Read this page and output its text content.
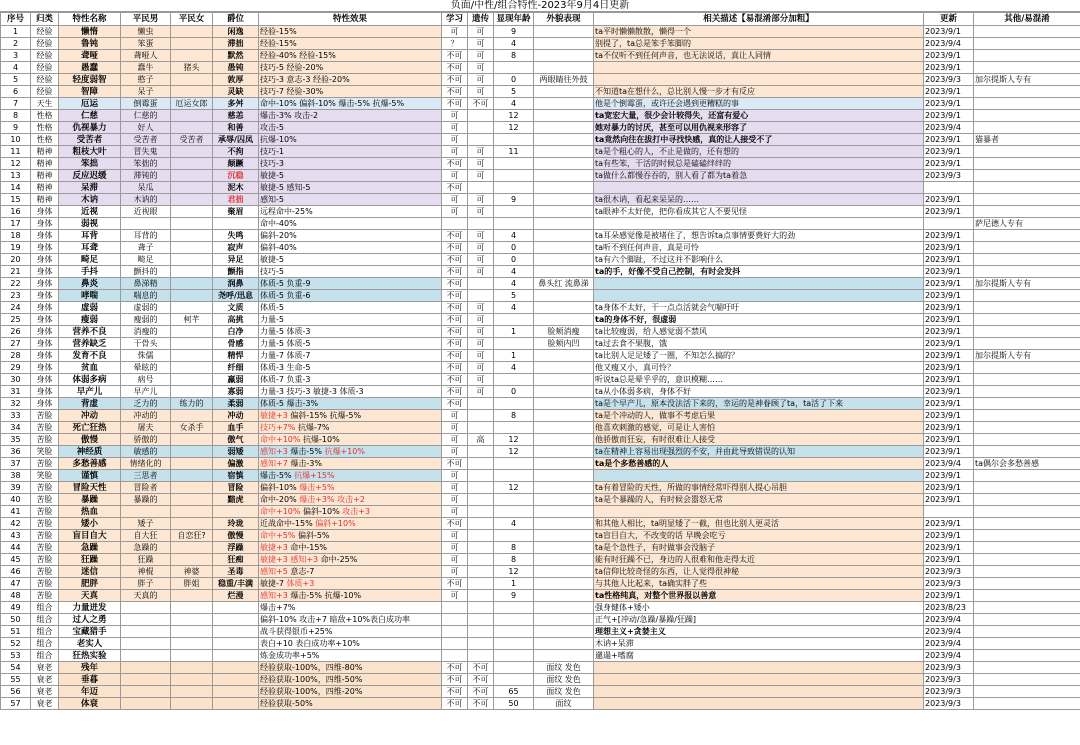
负面/中性/组合特性-2023年9月4日更新
序号	归类	特性名称	平民男	平民女	爵位	特性效果	学习	遗传	显现年龄	外貌表现	相关描述【易混淆部分加粗】	更新	其他/易混淆
1	经验	懒惰	懒虫		闲逸	经验-15%	可	可	9		ta平时懒懒散散，懒得一个	2023/9/1	
2	经验	鲁钝	笨蛋		滞拙	经验-15%	？	可	4		别提了，ta总是笨手笨脚的	2023/9/4	
3	经验	聋哑	聋哑人		默然	经验-40% 经验-15%	不可	可	8		ta不仅听不到任何声音，也无法说话，真让人同情	2023/9/1	
4	经验	愚蠢	蠢牛	猪头	愚钝	技巧-5 经验-20%	不可	可				2023/9/1	
5	经验	轻度弱智	憨子		敦厚	技巧-3 意志-3 经验-20%	不可	可	0	两眼睛往外鼓		2023/9/3	加尔提斯人专有
6	经验	智障	呆子		灵缺	技巧-7 经验-30%	不可	可	5		不知道ta在想什么，总比别人慢一步才有反应	2023/9/1	
7	天生	厄运	倒霉蛋	厄运女郎	多舛	命中-10% 偏斜-10% 爆击-5% 抗爆-5%	不可	不可	4		他是个倒霉蛋，或许还会遇到更糟糕的事	2023/9/1	
8	性格	仁慈	仁慈的		慈恙	爆击-3% 攻击-2	可		12		ta宽宏大量，很少会计较得失，还富有爱心	2023/9/1	
9	性格	仇视暴力	好人		和善	攻击-5	可		12		她对暴力的讨厌，甚至可以用仇视来形容了	2023/9/4	
10	性格	受苦者	受苦者	受苦者	承辱/囚凤	抗爆-10%	可				ta竟然向往在拔打中寻找快感，真的让人接受不了	2023/9/1	猫暴者
11	精神	粗枝大叶	冒失鬼		不拘	技巧-1	可	可	11		ta是个粗心的人，不止是做的，还有想的	2023/9/1	
12	精神	笨拙	笨拙的		颠蹶	技巧-3	不可	可			ta有些笨，干活的时候总是磕磕绊绊的	2023/9/1	
13	精神	反应迟缓	滞钝的		沉稳	敏捷-5	可	可			ta做什么都慢吞吞的，别人看了都为ta着急	2023/9/3	
14	精神	呆滞	呆瓜		泥木	敏捷-5 感知-5	不可						
15	精神	木讷	木讷的		君拙	感知-5	可	可	9		ta很木讷，看起来呆呆的……	2023/9/1	
16	身体	近视	近视眼		聚眉	远程命中-25%	可	可			ta眼神不太好使，把你看成其它人不要见怪	2023/9/1	
17	身体	弱视				命中-40%							萨尼德人专有
18	身体	耳背	耳背的		失鸣	偏斜-20%	不可	可	4		ta耳朵感觉像是被堵住了，想告诉ta点事情要费好大的劲	2023/9/1	
19	身体	耳聋	聋子		寂声	偏斜-40%	不可	可	0		ta听不到任何声音，真是可怜	2023/9/1	
20	身体	畸足	畸足		异足	敏捷-5	不可	可	0		ta有六个脚趾，不过这并不影响什么	2023/9/1	
21	身体	手抖	颤抖的		颤指	技巧-5	不可	可	4		ta的手，好像不受自己控制，有时会发抖	2023/9/1	
22	身体	鼻炎	鼻涕精		润鼻	体质-5 负重-9	不可		4	鼻头红 流鼻涕		2023/9/1	加尔提斯人专有
23	身体	哮喘	喘息的		尧呼/迅息	体质-5 负重-6	不可		5			2023/9/1	
24	身体	虚弱	虚弱的		文质	体质-5	不可	可	4		ta身体不太好，干一点点活就会气喘吁吁	2023/9/1	
25	身体	瘦弱	瘦弱的	柯芊	高挑	力量-5	不可	可			ta的身体不好，很虚弱	2023/9/1	
26	身体	营养不良	消瘦的		白净	力量-5 体质-3	不可	可	1	脸颊消瘦	ta比较瘦弱，给人感觉弱不禁风	2023/9/1	
27	身体	营养缺乏	干骨头		骨感	力量-5 体质-5	不可	可		脸颊内凹	ta过去食不果腹，饿	2023/9/1	
28	身体	发育不良	侏儒		精悍	力量-7 体质-7	不可	可	1		ta比别人足足矮了一圈，不知怎么搞的？	2023/9/1	加尔提斯人专有
29	身体	贫血	晕眩的		纤细	体质-3 生命-5	不可	可	4		他又瘦又小，真可怜？	2023/9/1	
30	身体	体弱多病	病号		羸弱	体质-7 负重-3	不可	可			听说ta总是晕乎乎的，意识模糊……	2023/9/1	
31	身体	早产儿	早产儿		寡弱	力量-3 技巧-3 敏捷-3 体质-3	不可	可	0		ta从小体弱多病，身体不好	2023/9/1	
32	身体	背虚	乏力的	练力的	柔弱	体质-5 爆击-3%	不可				ta是个早产儿，原本没法活下来的，幸运的是神眷顾了ta，ta活了下来	2023/9/1	
33	苦脸	冲动	冲动的		冲动	敏捷+3 偏斜-15% 抗爆-5%	可		8		ta是个冲动的人，做事不考虑后果	2023/9/1	
34	苦脸	死亡狂热	屠夫	女杀手	血手	技巧+7% 抗爆-7%	可				他喜欢刺激的感觉，可是让人害怕	2023/9/1	
35	苦脸	傲慢	骄傲的		傲气	命中+10% 抗爆-10%	可	高	12		他骄傲而狂妄，有时很难让人接受	2023/9/1	
36	笑脸	神经质	敏感的		弱矮	感知+3 爆击-5% 抗爆+10%	可		12		ta在精神上容易出现强烈的不安，并由此导致错误的认知	2023/9/1	
37	苦脸	多愁善感	情绪化的		偏激	感知+7 爆击-3%	不可				ta是个多愁善感的人	2023/9/4	ta偶尔会多愁善感
38	笑脸	谨慎	三思者		宿慎	爆击-5% 抗爆+15%	可					2023/9/1	
39	苦脸	冒险天性	冒险者		冒险	偏斜-10% 爆击+5%	可		12		ta有着冒险的天性，所做的事情经常吓得别人提心吊胆	2023/9/1	
40	苦脸	暴躁	暴躁的		黯虎	命中-20% 爆击+3% 攻击+2	可				ta是个暴躁的人，有时候会嚣怒无常	2023/9/1	
41	苦脸	热血				命中+10% 偏斜-10% 攻击+3	可						
42	苦脸	矮小	矮子		玲珑	近战命中-15% 偏斜+10%	不可		4		和其他人相比，ta明显矮了一截，但也比别人更灵活	2023/9/1	
43	苦脸	盲目自大	自大狂	自恋狂?	傲慢	命中+5% 偏斜-5%	可				ta盲目自大，不改变的话 早晚会吃亏	2023/9/1	
44	苦脸	急躁	急躁的		浮躁	敏捷+3 命中-15%	可		8		ta是个急性子，有时做事会没脑子	2023/9/1	
45	苦脸	狂躁	狂躁		狂痴	敏捷+3 感知+3 命中-25%	可		8		能有时狂躁不已，身边的人很难和他走得太近	2023/9/1	
46	苦脸	迷信	神棍	神婆	圣毒	感知+5 意志-7	可		12		ta信仰比较奇怪的东西，让人觉得很神秘	2023/9/3	
47	苦脸	肥胖	胖子	胖姐	稳重/丰满	敏捷-7 体质+3	不可		1		与其他人比起来，ta确实胖了些	2023/9/3	
48	苦脸	天真	天真的		烂漫	感知+3 爆击-5% 抗爆-10%	可		9		ta性格纯真，对整个世界报以善意	2023/9/1	
49	组合	力量迸发				爆击+7%					强身健体+矮小	2023/8/23	
50	组合	过人之勇				偏斜-10% 攻击+7 暗敌+10%表白成功率					正气+[冲动/急躁/暴躁/狂躁]	2023/9/4	
51	组合	宝藏猎手				战斗获得银币+25%					理想主义+贪婪主义	2023/9/4	
52	组合	老实人				表白+10 表白成功率+10%					木讷+呆滞	2023/9/4	
53	组合	狂热实验				炼金成功率+5%					邋遢+嗜腐	2023/9/4	
54	衰老	残年				经验获取-100%，四维-80%	不可	不可		面纹 发色		2023/9/3	
55	衰老	垂暮				经验获取-100%，四维-50%	不可	不可		面纹 发色		2023/9/3	
56	衰老	年迈				经验获取-100%，四维-20%	不可	不可	65	面纹 发色		2023/9/3	
57	衰老	体衰				经验获取-50%	不可	不可	50	面纹		2023/9/3	
